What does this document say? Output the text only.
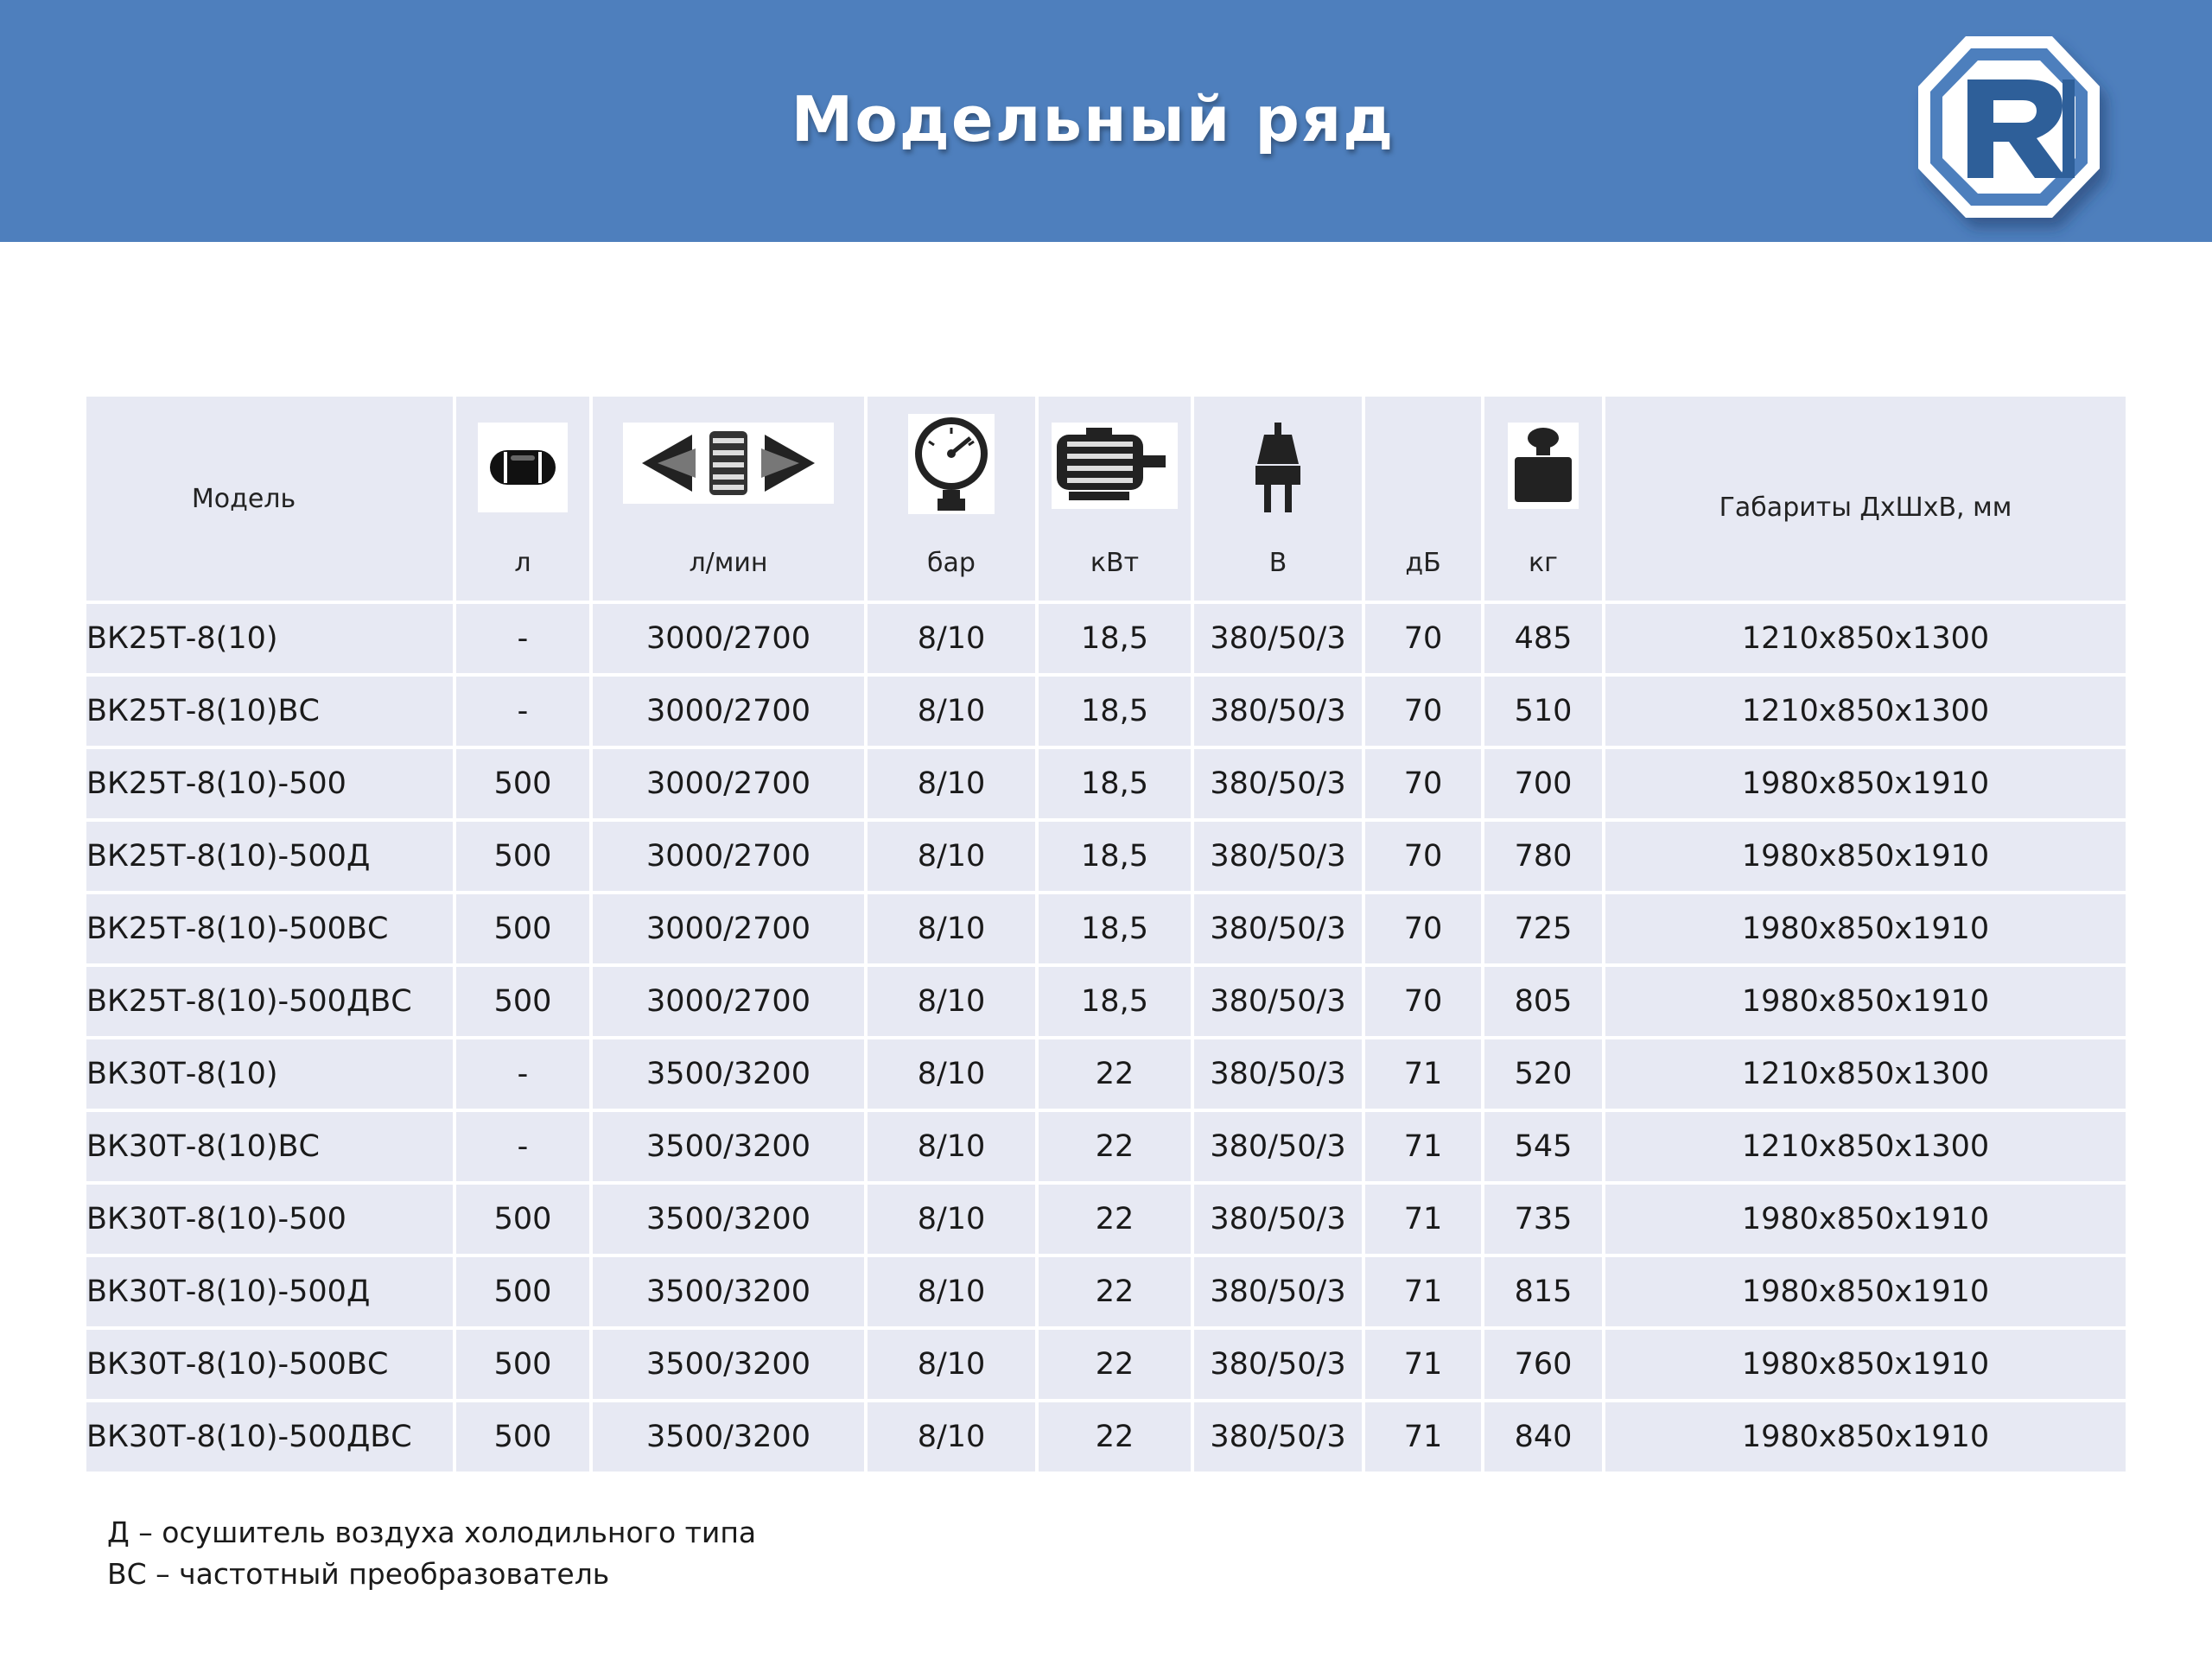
Модельный ряд
Модель	л	л/мин	бар	кВт	В	дБ	кг	Габариты ДхШхВ, мм
ВК25Т-8(10)	-	3000/2700	8/10	18,5	380/50/3	70	485	1210x850x1300
ВК25Т-8(10)ВС	-	3000/2700	8/10	18,5	380/50/3	70	510	1210x850x1300
ВК25Т-8(10)-500	500	3000/2700	8/10	18,5	380/50/3	70	700	1980x850x1910
ВК25Т-8(10)-500Д	500	3000/2700	8/10	18,5	380/50/3	70	780	1980x850x1910
ВК25Т-8(10)-500ВС	500	3000/2700	8/10	18,5	380/50/3	70	725	1980x850x1910
ВК25Т-8(10)-500ДВС	500	3000/2700	8/10	18,5	380/50/3	70	805	1980x850x1910
ВК30Т-8(10)	-	3500/3200	8/10	22	380/50/3	71	520	1210x850x1300
ВК30Т-8(10)ВС	-	3500/3200	8/10	22	380/50/3	71	545	1210x850x1300
ВК30Т-8(10)-500	500	3500/3200	8/10	22	380/50/3	71	735	1980x850x1910
ВК30Т-8(10)-500Д	500	3500/3200	8/10	22	380/50/3	71	815	1980x850x1910
ВК30Т-8(10)-500ВС	500	3500/3200	8/10	22	380/50/3	71	760	1980x850x1910
ВК30Т-8(10)-500ДВС	500	3500/3200	8/10	22	380/50/3	71	840	1980x850x1910
Д – осушитель воздуха холодильного типа
ВС – частотный преобразователь
